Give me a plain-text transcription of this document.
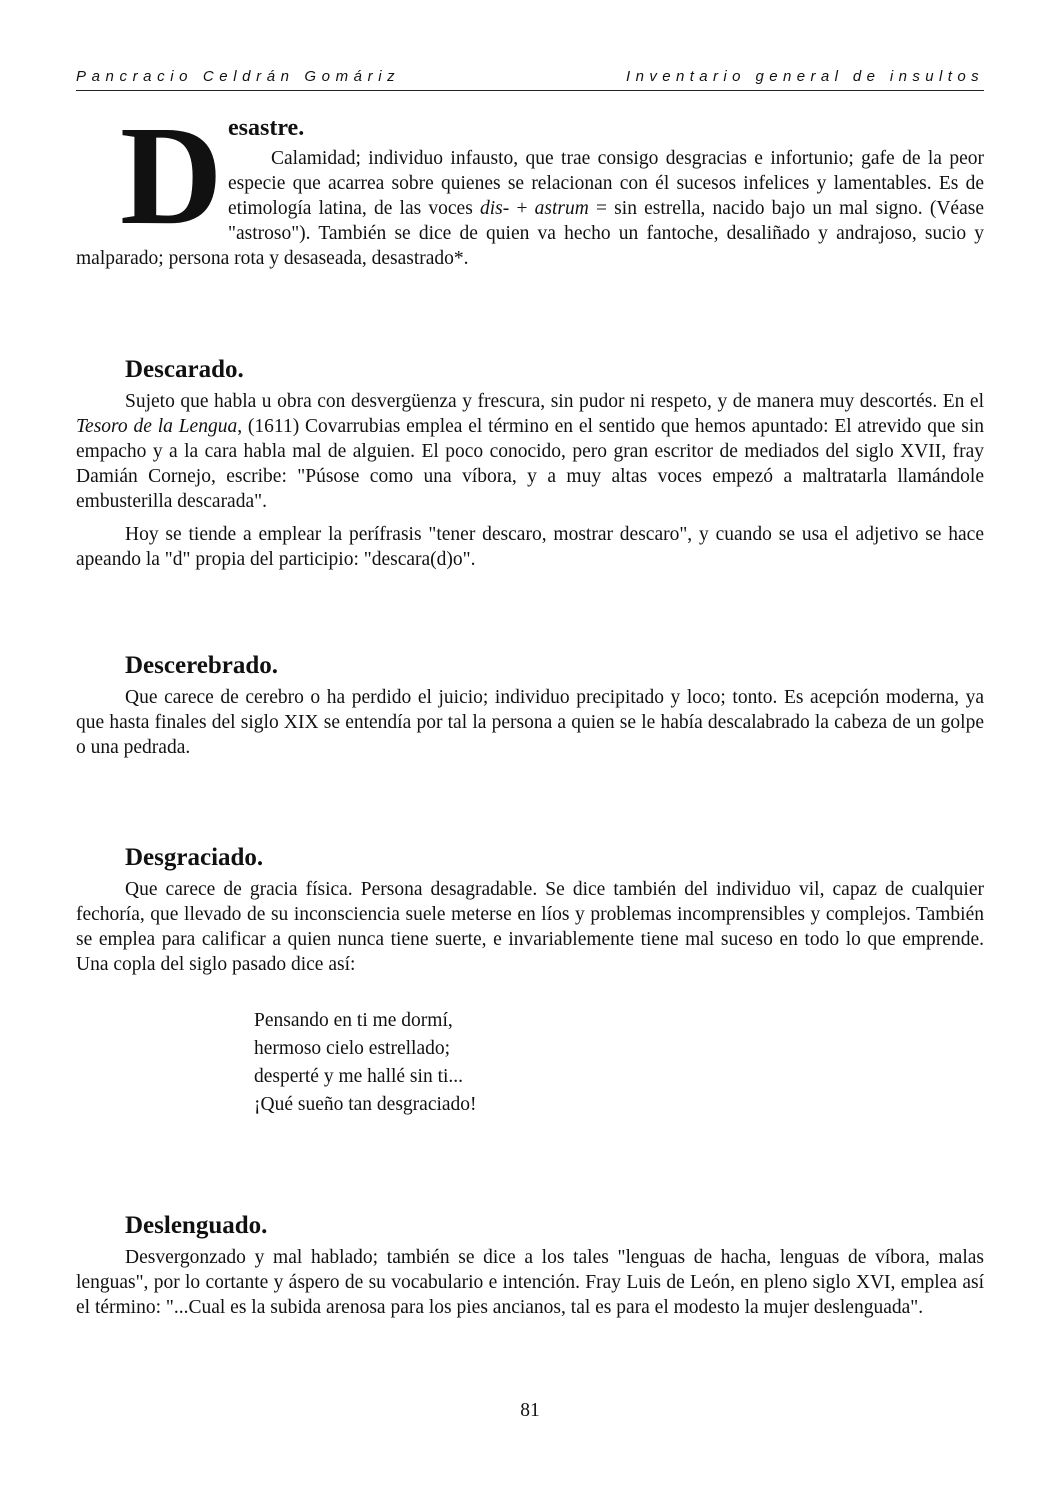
Pancracio Celdrán Gomáriz	Inventario general de insultos
D esastre.

Calamidad; individuo infausto, que trae consigo desgracias e infortunio; gafe de la peor especie que acarrea sobre quienes se relacionan con él sucesos infelices y lamentables. Es de etimología latina, de las voces dis- + astrum = sin estrella, nacido bajo un mal signo. (Véase "astroso"). También se dice de quien va hecho un fantoche, desaliñado y andrajoso, sucio y malparado; persona rota y desaseada, desastrado*.

Descarado.

Sujeto que habla u obra con desvergüenza y frescura, sin pudor ni respeto, y de manera muy descortés. En el Tesoro de la Lengua, (1611) Covarrubias emplea el término en el sentido que hemos apuntado: El atrevido que sin empacho y a la cara habla mal de alguien. El poco conocido, pero gran escritor de mediados del siglo XVII, fray Damián Cornejo, escribe: "Púsose como una víbora, y a muy altas voces empezó a maltratarla llamándole embusterilla descarada".

Hoy se tiende a emplear la perífrasis "tener descaro, mostrar descaro", y cuando se usa el adjetivo se hace apeando la "d" propia del participio: "descara(d)o".

Descerebrado.

Que carece de cerebro o ha perdido el juicio; individuo precipitado y loco; tonto. Es acepción moderna, ya que hasta finales del siglo XIX se entendía por tal la persona a quien se le había descalabrado la cabeza de un golpe o una pedrada.

Desgraciado.

Que carece de gracia física. Persona desagradable. Se dice también del individuo vil, capaz de cualquier fechoría, que llevado de su inconsciencia suele meterse en líos y problemas incomprensibles y complejos. También se emplea para calificar a quien nunca tiene suerte, e invariablemente tiene mal suceso en todo lo que emprende. Una copla del siglo pasado dice así:

Pensando en ti me dormí,
hermoso cielo estrellado;
desperté y me hallé sin ti...
¡Qué sueño tan desgraciado!
Deslenguado.

Desvergonzado y mal hablado; también se dice a los tales "lenguas de hacha, lenguas de víbora, malas lenguas", por lo cortante y áspero de su vocabulario e intención. Fray Luis de León, en pleno siglo XVI, emplea así el término: "...Cual es la subida arenosa para los pies ancianos, tal es para el modesto la mujer deslenguada".

81
